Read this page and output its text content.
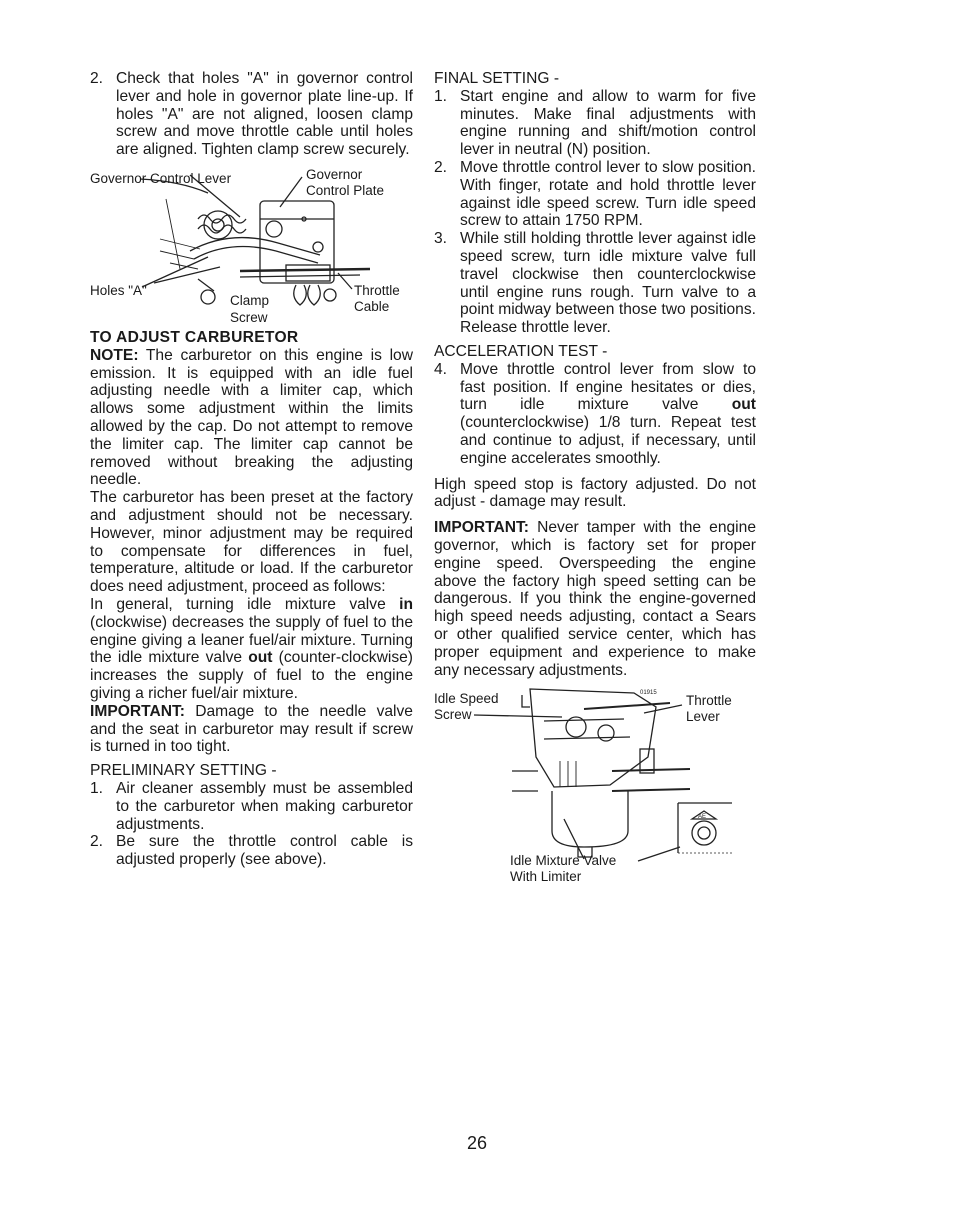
2. Check that holes "A" in governor control lever and hole in governor plate line-up. If holes "A" are not aligned, loosen clamp screw and move throttle cable until holes are aligned. Tighten clamp screw securely.
Governor Control Lever	Governor
Control Plate
Holes "A"
Clamp
Screw
Throttle
Cable
TO ADJUST CARBURETOR

NOTE: The carburetor on this engine is low emission. It is equipped with an idle fuel adjusting needle with a limiter cap, which allows some adjustment within the limits allowed by the cap. Do not attempt to remove the limiter cap. The limiter cap cannot be removed without breaking the adjusting needle.

The carburetor has been preset at the factory and adjustment should not be necessary. However, minor adjustment may be required to compensate for differences in fuel, temperature, altitude or load. If the carburetor does need adjustment, proceed as follows:

In general, turning idle mixture valve in (clockwise) decreases the supply of fuel to the engine giving a leaner fuel/air mixture. Turning the idle mixture valve out (counter-clockwise) increases the supply of fuel to the engine giving a richer fuel/air mixture.

IMPORTANT: Damage to the needle valve and the seat in carburetor may result if screw is turned in too tight.

PRELIMINARY SETTING -
1. Air cleaner assembly must be assembled to the carburetor when making carburetor adjustments.
2. Be sure the throttle control cable is adjusted properly (see above).
FINAL SETTING -
1. Start engine and allow to warm for five minutes. Make final adjustments with engine running and shift/motion control lever in neutral (N) position.
2. Move throttle control lever to slow position. With finger, rotate and hold throttle lever against idle speed screw. Turn idle speed screw to attain 1750 RPM.
3. While still holding throttle lever against idle speed screw, turn idle mixture valve full travel clockwise then counterclockwise until engine runs rough. Turn valve to a point midway between those two positions. Release throttle lever.
ACCELERATION TEST -
4. Move throttle control lever from slow to fast position. If engine hesitates or dies, turn idle mixture valve out (counterclockwise) 1/8 turn. Repeat test and continue to adjust, if necessary, until engine accelerates smoothly.

High speed stop is factory adjusted. Do not adjust - damage may result.

IMPORTANT: Never tamper with the engine governor, which is factory set for proper engine speed. Overspeeding the engine above the factory high speed setting can be dangerous. If you think the engine-governed high speed needs adjusting, contact a Sears or other qualified service center, which has proper equipment and experience to make any necessary adjustments.

AE
01915
Idle Speed
Screw
Throttle
Lever
Idle Mixture Valve
With Limiter
26
